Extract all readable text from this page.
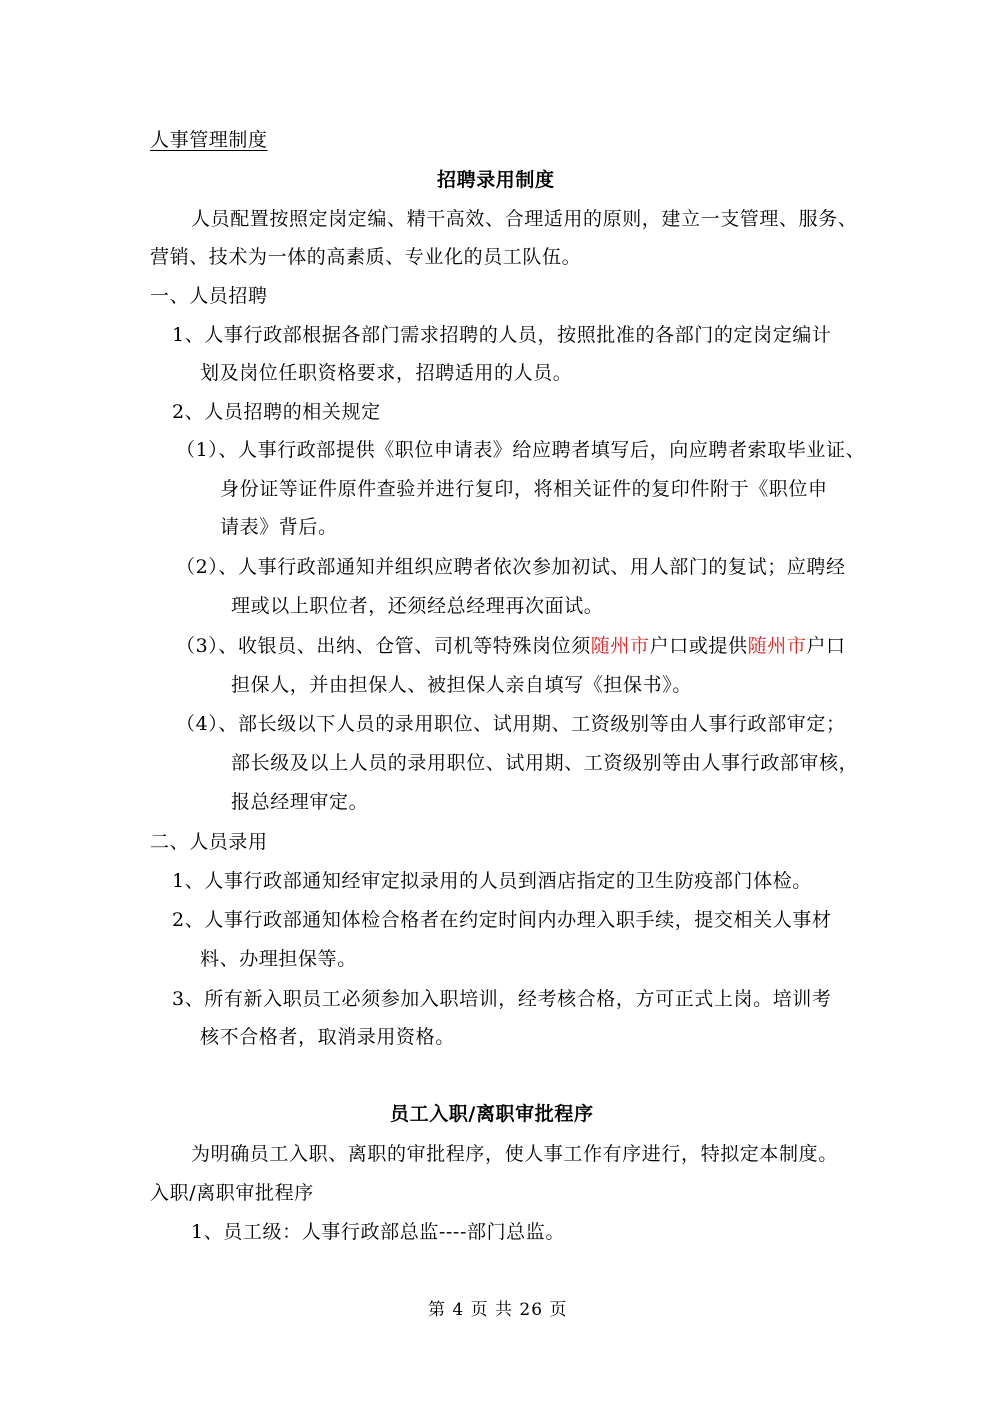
人事管理制度
招聘录用制度
人员配置按照定岗定编、精干高效、合理适用的原则，建立一支管理、服务、
营销、技术为一体的高素质、专业化的员工队伍。
一、人员招聘
1、人事行政部根据各部门需求招聘的人员，按照批准的各部门的定岗定编计
划及岗位任职资格要求，招聘适用的人员。
2、人员招聘的相关规定
（1）、人事行政部提供《职位申请表》给应聘者填写后，向应聘者索取毕业证、
身份证等证件原件查验并进行复印，将相关证件的复印件附于《职位申
请表》背后。
（2）、人事行政部通知并组织应聘者依次参加初试、用人部门的复试；应聘经
理或以上职位者，还须经总经理再次面试。
（3）、收银员、出纳、仓管、司机等特殊岗位须随州市户口或提供随州市户口
担保人，并由担保人、被担保人亲自填写《担保书》。
（4）、部长级以下人员的录用职位、试用期、工资级别等由人事行政部审定；
部长级及以上人员的录用职位、试用期、工资级别等由人事行政部审核，
报总经理审定。
二、人员录用
1、人事行政部通知经审定拟录用的人员到酒店指定的卫生防疫部门体检。
2、人事行政部通知体检合格者在约定时间内办理入职手续，提交相关人事材
料、办理担保等。
3、所有新入职员工必须参加入职培训，经考核合格，方可正式上岗。培训考
核不合格者，取消录用资格。
员工入职/离职审批程序
为明确员工入职、离职的审批程序，使人事工作有序进行，特拟定本制度。
入职/离职审批程序
1、员工级：人事行政部总监----部门总监。
第 4 页 共 26 页
